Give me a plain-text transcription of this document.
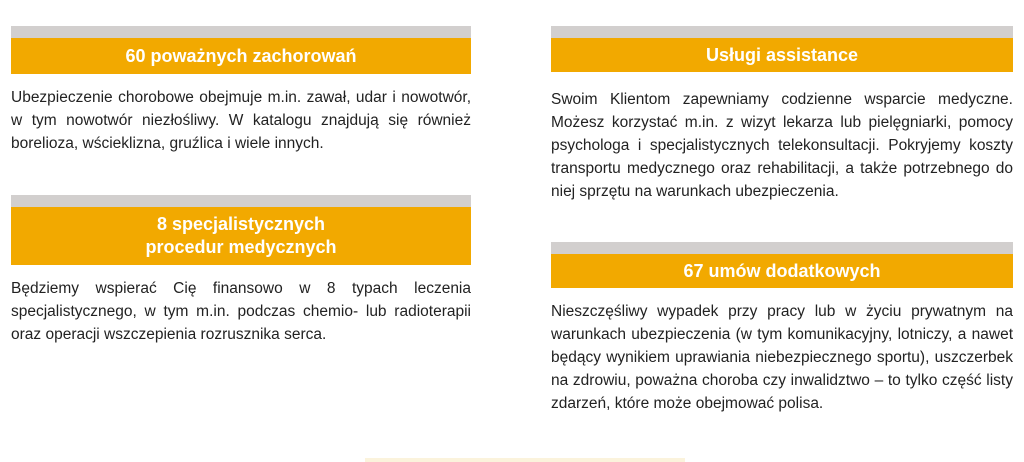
60 poważnych zachorowań
Ubezpieczenie chorobowe obejmuje m.in. zawał, udar i nowotwór, w tym nowotwór niezłośliwy. W katalogu znajdują się również borelioza, wścieklizna, gruźlica i wiele innych.
8 specjalistycznych
procedur medycznych
Będziemy wspierać Cię finansowo w 8 typach leczenia specjalistycznego, w tym m.in. podczas chemio- lub radioterapii oraz operacji wszczepienia rozrusznika serca.
Usługi assistance
Swoim Klientom zapewniamy codzienne wsparcie medyczne. Możesz korzystać m.in. z wizyt lekarza lub pielęgniarki, pomocy psychologa i specjalistycznych telekonsultacji. Pokryjemy koszty transportu medycznego oraz rehabilitacji, a także potrzebnego do niej sprzętu na warunkach ubezpieczenia.
67 umów dodatkowych
Nieszczęśliwy wypadek przy pracy lub w życiu prywatnym na warunkach ubezpieczenia (w tym komunikacyjny, lotniczy, a nawet będący wynikiem uprawiania niebezpiecznego sportu), uszczerbek na zdrowiu, poważna choroba czy inwalidztwo – to tylko część listy zdarzeń, które może obejmować polisa.
